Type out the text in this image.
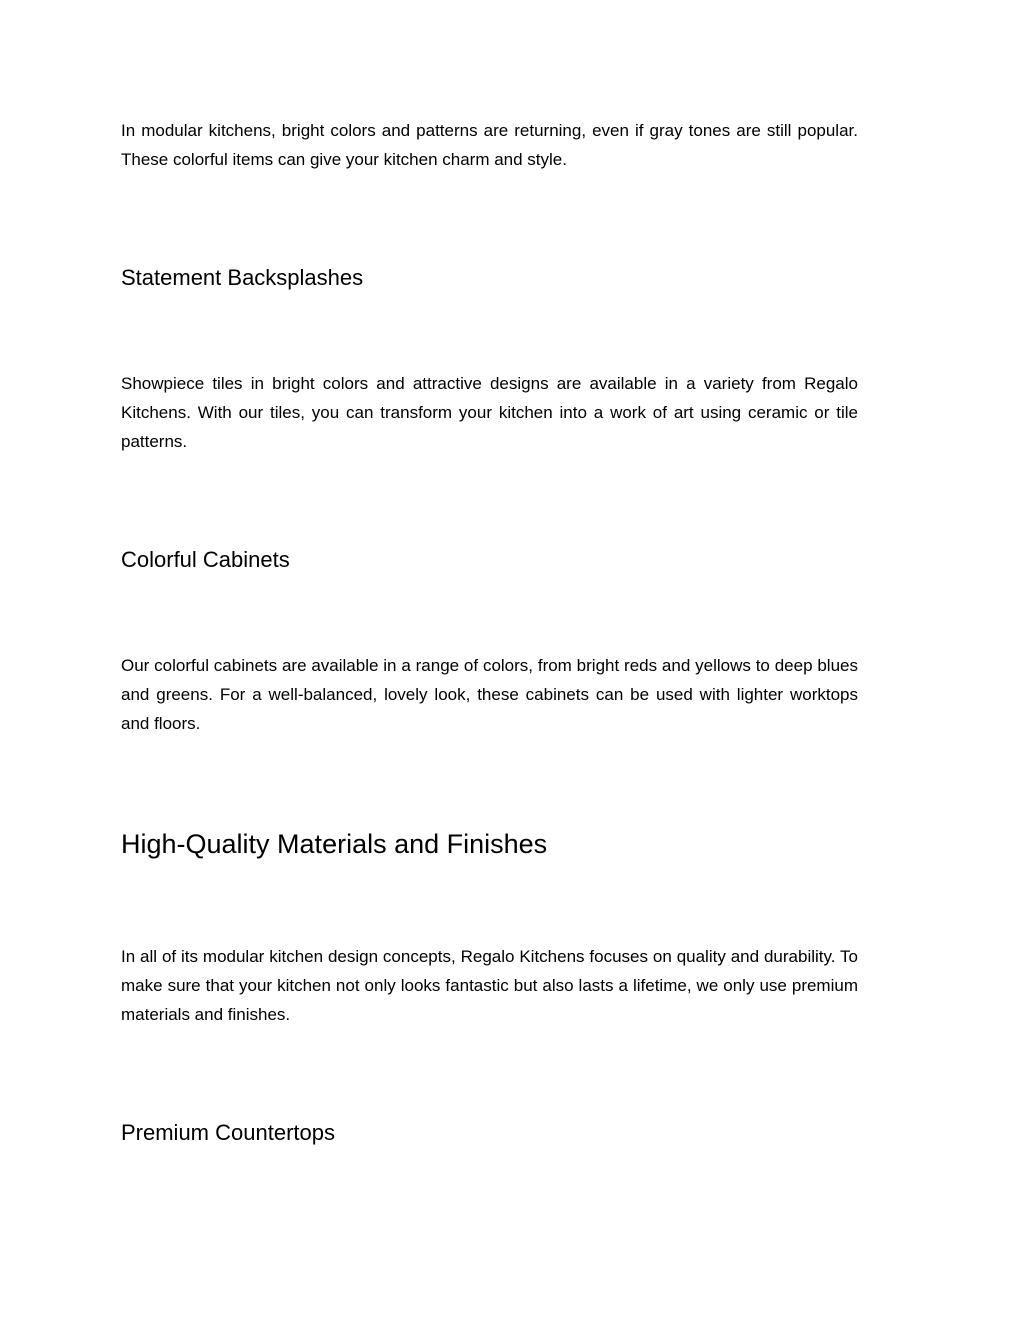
In modular kitchens, bright colors and patterns are returning, even if gray tones are still popular. These colorful items can give your kitchen charm and style.

Statement Backsplashes

Showpiece tiles in bright colors and attractive designs are available in a variety from Regalo Kitchens. With our tiles, you can transform your kitchen into a work of art using ceramic or tile patterns.

Colorful Cabinets

Our colorful cabinets are available in a range of colors, from bright reds and yellows to deep blues and greens. For a well-balanced, lovely look, these cabinets can be used with lighter worktops and floors.

High-Quality Materials and Finishes

In all of its modular kitchen design concepts, Regalo Kitchens focuses on quality and durability. To make sure that your kitchen not only looks fantastic but also lasts a lifetime, we only use premium materials and finishes.

Premium Countertops
